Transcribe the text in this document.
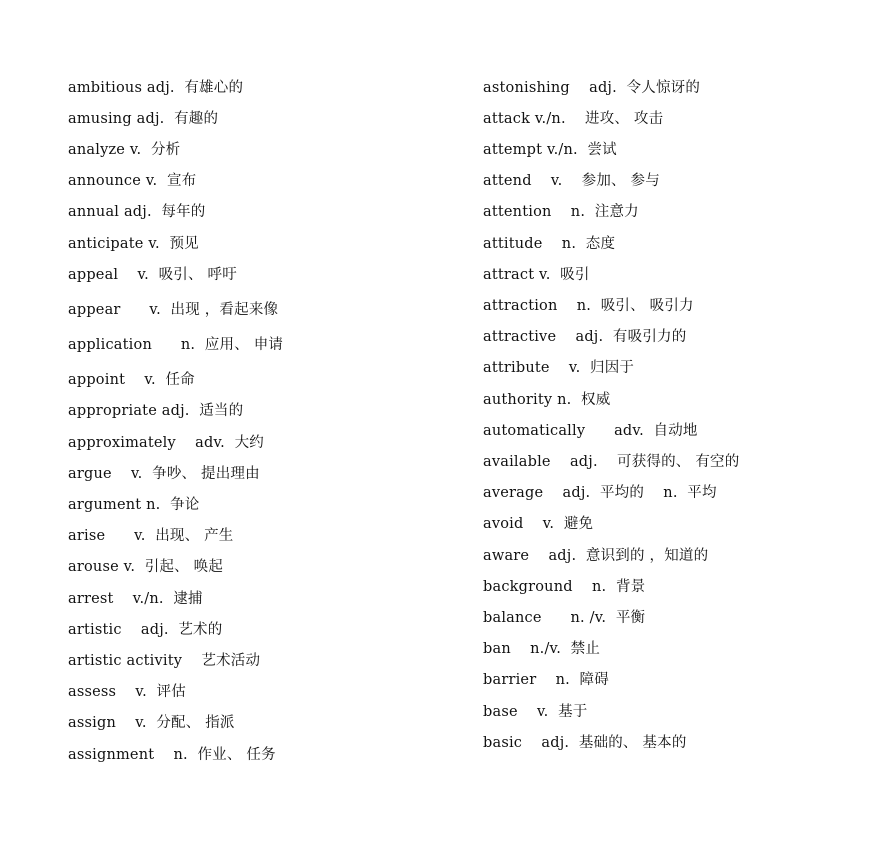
ambitious adj.  有雄心的
amusing adj.  有趣的
analyze v.  分析
announce v.  宣布
annual adj.  每年的
anticipate v.  预见
appeal    v.  吸引、 呼吁
appear      v.  出现 ，看起来像
application      n.  应用、 申请
appoint    v.  任命
appropriate adj.  适当的
approximately    adv.  大约
argue    v.  争吵、 提出理由
argument n.  争论
arise      v.  出现、 产生
arouse v.  引起、 唤起
arrest    v./n.  逮捕
artistic    adj.  艺术的
artistic activity    艺术活动
assess    v.  评估
assign    v.  分配、 指派
assignment    n.  作业、 任务
astonishing    adj.  令人惊讶的
attack v./n.    进攻、 攻击
attempt v./n.  尝试
attend    v.    参加、 参与
attention    n.  注意力
attitude    n.  态度
attract v.  吸引
attraction    n.  吸引、 吸引力
attractive    adj.  有吸引力的
attribute    v.  归因于
authority n.  权威
automatically      adv.  自动地
available    adj.    可获得的、 有空的
average    adj.  平均的    n.  平均
avoid    v.  避免
aware    adj.  意识到的 ，知道的
background    n.  背景
balance      n. /v.  平衡
ban    n./v.  禁止
barrier    n.  障碍
base    v.  基于
basic    adj.  基础的、 基本的
